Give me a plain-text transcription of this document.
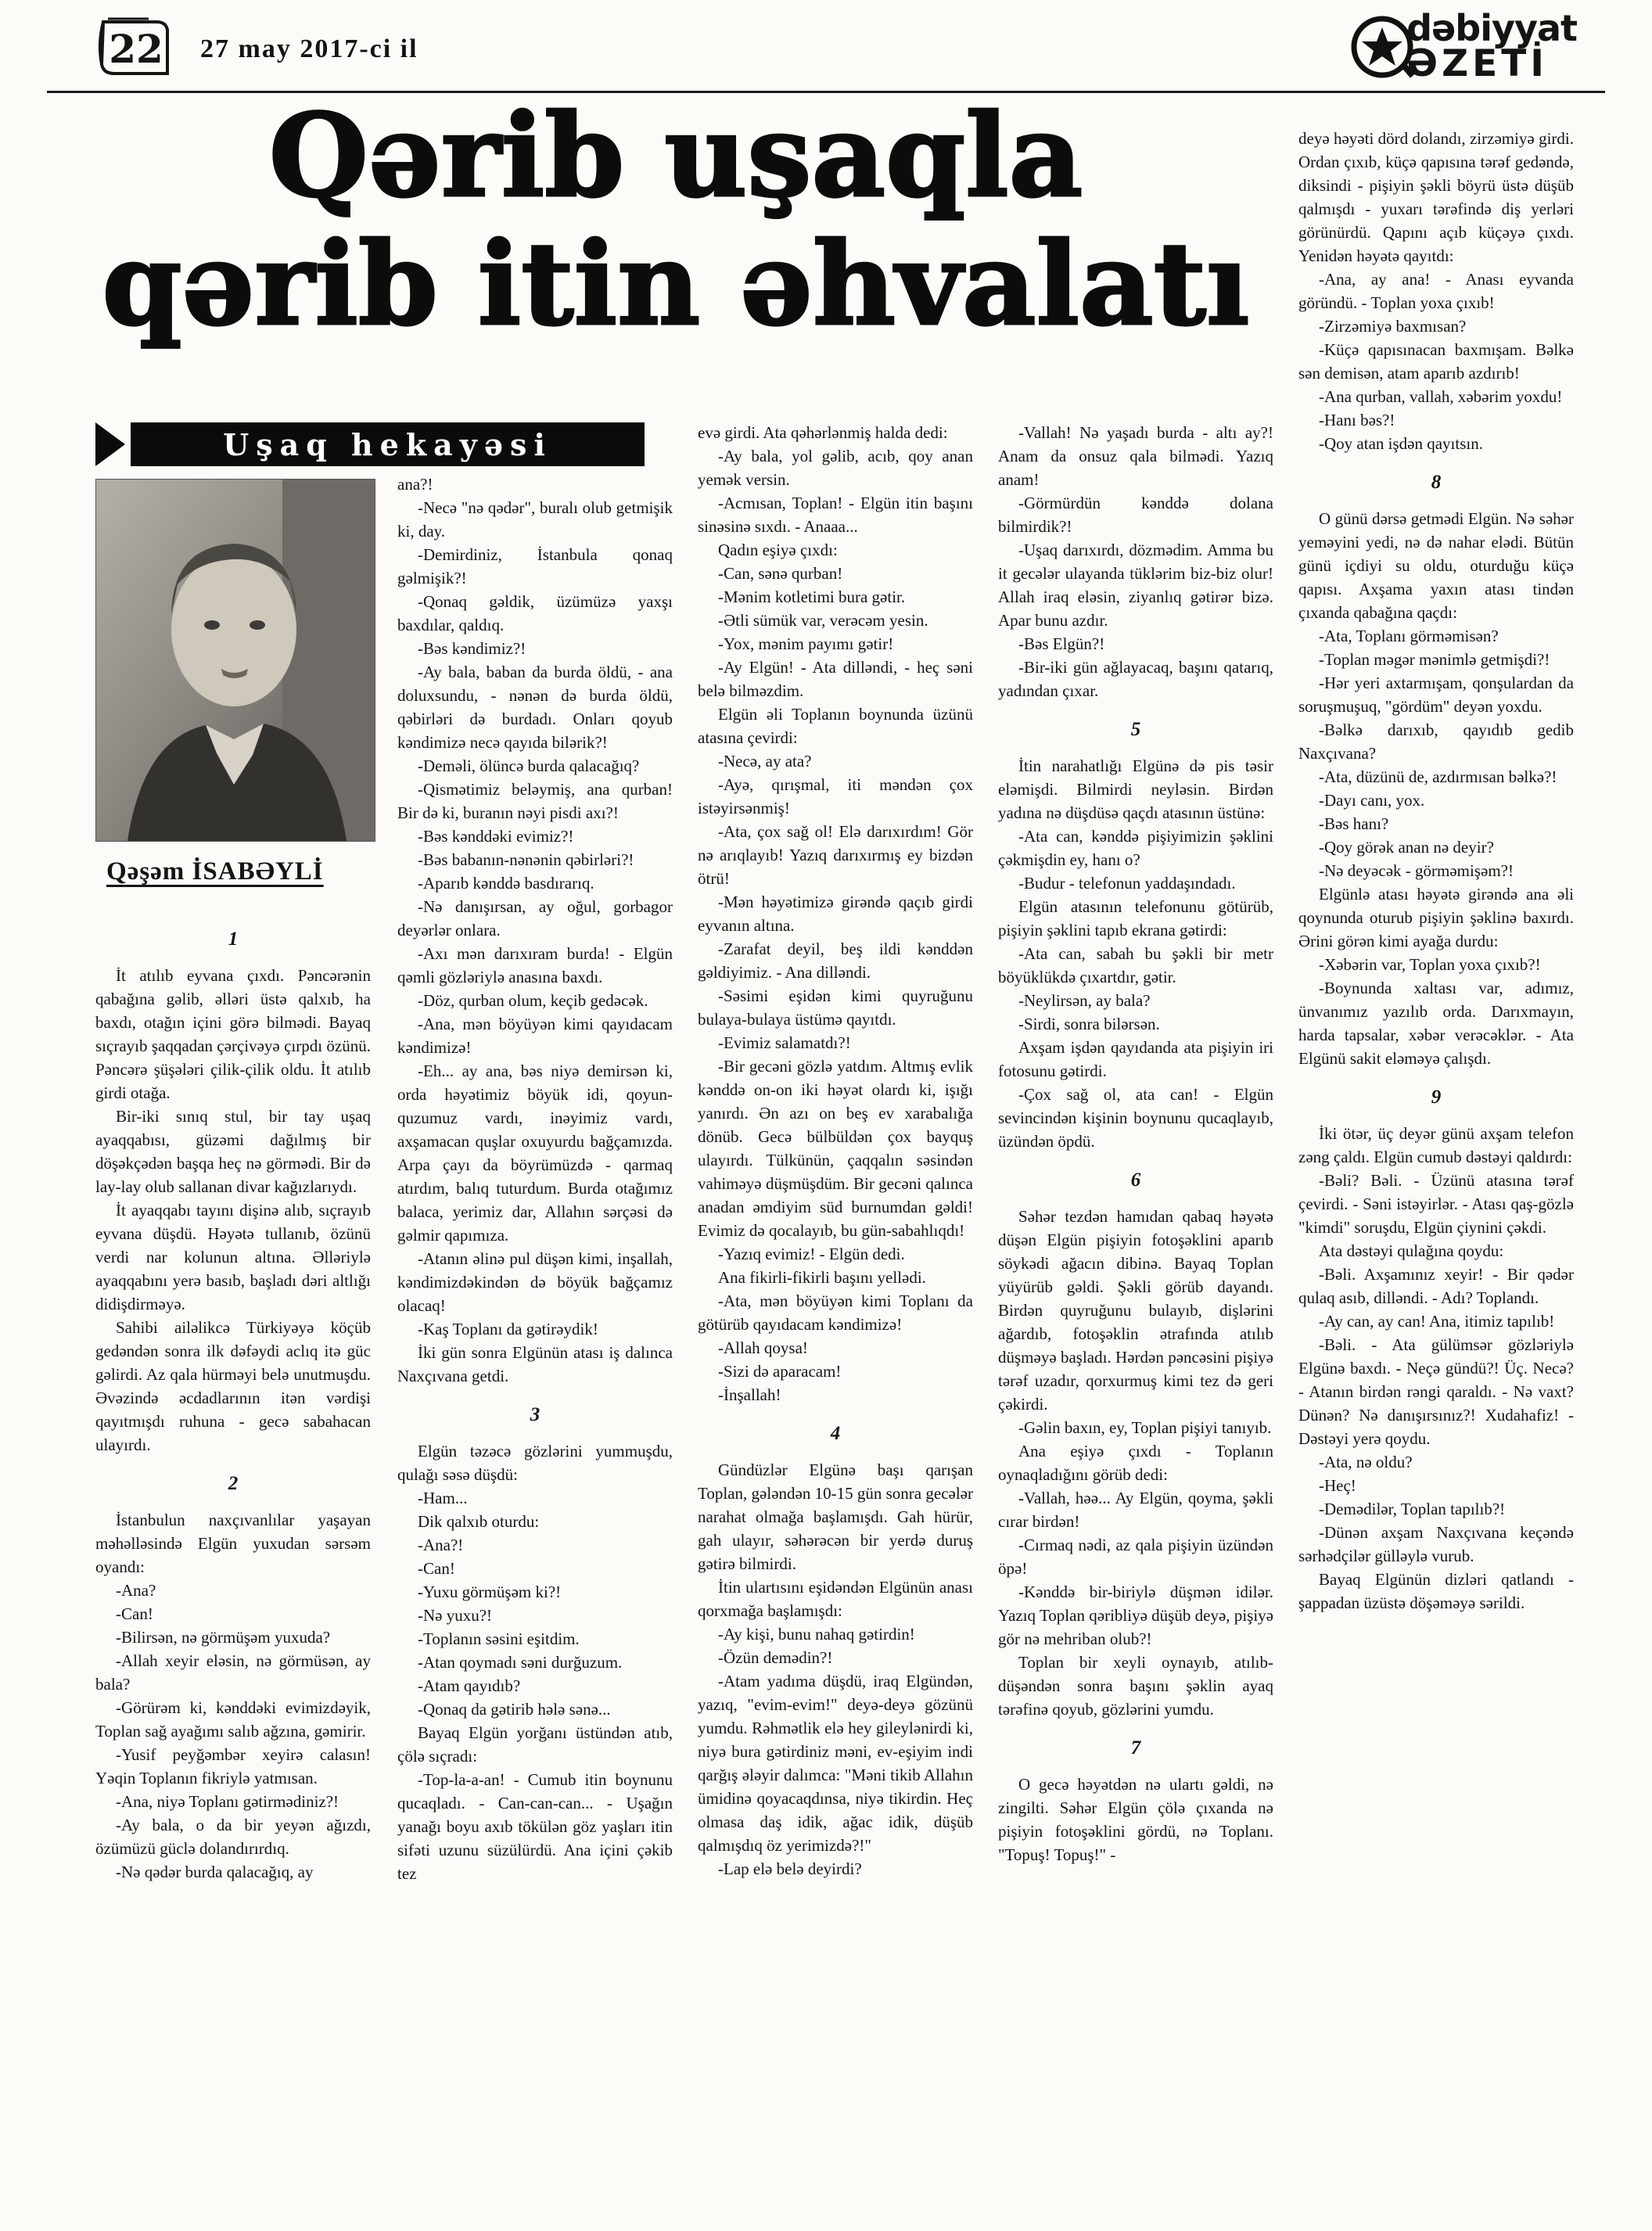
22	27 may 2017-ci il	dəbiyyat
ƏZETİ
Qərib uşaqla
qərib itin əhvalatı
Uşaq hekayəsi
Qəşəm İSABƏYLİ
1
İt atılıb eyvana çıxdı. Pəncərənin qabağına gəlib, əlləri üstə qalxıb, ha baxdı, otağın içini görə bilmədi. Bayaq sıçrayıb şaqqadan çərçivəyə çırpdı özünü. Pəncərə şüşələri çilik-çilik oldu. İt atılıb girdi otağa.
Bir-iki sınıq stul, bir tay uşaq ayaqqabısı, güzəmi dağılmış bir döşəkçədən başqa heç nə görmədi. Bir də lay-lay olub sallanan divar kağızlarıydı.
İt ayaqqabı tayını dişinə alıb, sıçrayıb eyvana düşdü. Həyətə tullanıb, özünü verdi nar kolunun altına. Əlləriylə ayaqqabını yerə basıb, başladı dəri altlığı didişdirməyə.
Sahibi ailəlikcə Türkiyəyə köçüb gedəndən sonra ilk dəfəydi aclıq itə güc gəlirdi. Az qala hürməyi belə unutmuşdu. Əvəzində əcdadlarının itən vərdişi qayıtmışdı ruhuna - gecə sabahacan ulayırdı.
2
İstanbulun naxçıvanlılar yaşayan məhəlləsində Elgün yuxudan sərsəm oyandı:
-Ana?
-Can!
-Bilirsən, nə görmüşəm yuxuda?
-Allah xeyir eləsin, nə görmüsən, ay bala?
-Görürəm ki, kənddəki evimizdəyik, Toplan sağ ayağımı salıb ağzına, gəmirir.
-Yusif peyğəmbər xeyirə calasın! Yəqin Toplanın fikriylə yatmısan.
-Ana, niyə Toplanı gətirmədiniz?!
-Ay bala, o da bir yeyən ağızdı, özümüzü güclə dolandırırdıq.
-Nə qədər burda qalacağıq, ay
ana?!
-Necə "nə qədər", buralı olub getmişik ki, day.
-Demirdiniz, İstanbula qonaq gəlmişik?!
-Qonaq gəldik, üzümüzə yaxşı baxdılar, qaldıq.
-Bəs kəndimiz?!
-Ay bala, baban da burda öldü, - ana doluxsundu, - nənən də burda öldü, qəbirləri də burdadı. Onları qoyub kəndimizə necə qayıda bilərik?!
-Deməli, ölüncə burda qalacağıq?
-Qismətimiz beləymiş, ana qurban! Bir də ki, buranın nəyi pisdi axı?!
-Bəs kənddəki evimiz?!
-Bəs babanın-nənənin qəbirləri?!
-Aparıb kənddə basdırarıq.
-Nə danışırsan, ay oğul, gorbagor deyərlər onlara.
-Axı mən darıxıram burda! - Elgün qəmli gözləriylə anasına baxdı.
-Döz, qurban olum, keçib gedəcək.
-Ana, mən böyüyən kimi qayıdacam kəndimizə!
-Eh... ay ana, bəs niyə demirsən ki, orda həyətimiz böyük idi, qoyun-quzumuz vardı, inəyimiz vardı, axşamacan quşlar oxuyurdu bağçamızda. Arpa çayı da böyrümüzdə - qarmaq atırdım, balıq tuturdum. Burda otağımız balaca, yerimiz dar, Allahın sərçəsi də gəlmir qapımıza.
-Atanın əlinə pul düşən kimi, inşallah, kəndimizdəkindən də böyük bağçamız olacaq!
-Kaş Toplanı da gətirəydik!
İki gün sonra Elgünün atası iş dalınca Naxçıvana getdi.
3
Elgün təzəcə gözlərini yummuşdu, qulağı səsə düşdü:
-Ham...
Dik qalxıb oturdu:
-Ana?!
-Can!
-Yuxu görmüşəm ki?!
-Nə yuxu?!
-Toplanın səsini eşitdim.
-Atan qoymadı səni durğuzum.
-Atam qayıdıb?
-Qonaq da gətirib hələ sənə...
Bayaq Elgün yorğanı üstündən atıb, çölə sıçradı:
-Top-la-a-an! - Cumub itin boynunu qucaqladı. - Can-can-can... - Uşağın yanağı boyu axıb tökülən göz yaşları itin sifəti uzunu süzülürdü. Ana içini çəkib tez
evə girdi. Ata qəhərlənmiş halda dedi:
-Ay bala, yol gəlib, acıb, qoy anan yemək versin.
-Acmısan, Toplan! - Elgün itin başını sinəsinə sıxdı. - Anaaa...
Qadın eşiyə çıxdı:
-Can, sənə qurban!
-Mənim kotletimi bura gətir.
-Ətli sümük var, verəcəm yesin.
-Yox, mənim payımı gətir!
-Ay Elgün! - Ata dilləndi, - heç səni belə bilməzdim.
Elgün əli Toplanın boynunda üzünü atasına çevirdi:
-Necə, ay ata?
-Ayə, qırışmal, iti məndən çox istəyirsənmiş!
-Ata, çox sağ ol! Elə darıxırdım! Gör nə arıqlayıb! Yazıq darıxırmış ey bizdən ötrü!
-Mən həyətimizə girəndə qaçıb girdi eyvanın altına.
-Zarafat deyil, beş ildi kənddən gəldiyimiz. - Ana dilləndi.
-Səsimi eşidən kimi quyruğunu bulaya-bulaya üstümə qayıtdı.
-Evimiz salamatdı?!
-Bir gecəni gözlə yatdım. Altmış evlik kənddə on-on iki həyət olardı ki, işığı yanırdı. Ən azı on beş ev xarabalığa dönüb. Gecə bülbüldən çox bayquş ulayırdı. Tülkünün, çaqqalın səsindən vahiməyə düşmüşdüm. Bir gecəni qalınca anadan əmdiyim süd burnumdan gəldi! Evimiz də qocalayıb, bu gün-sabahlıqdı!
-Yazıq evimiz! - Elgün dedi.
Ana fikirli-fikirli başını yellədi.
-Ata, mən böyüyən kimi Toplanı da götürüb qayıdacam kəndimizə!
-Allah qoysa!
-Sizi də aparacam!
-İnşallah!
4
Gündüzlər Elgünə başı qarışan Toplan, gələndən 10-15 gün sonra gecələr narahat olmağa başlamışdı. Gah hürür, gah ulayır, səhərəcən bir yerdə duruş gətirə bilmirdi.
İtin ulartısını eşidəndən Elgünün anası qorxmağa başlamışdı:
-Ay kişi, bunu nahaq gətirdin!
-Özün demədin?!
-Atam yadıma düşdü, iraq Elgündən, yazıq, "evim-evim!" deyə-deyə gözünü yumdu. Rəhmətlik elə hey gileylənirdi ki, niyə bura gətirdiniz məni, ev-eşiyim indi qarğış ələyir dalımca: "Məni tikib Allahın ümidinə qoyacaqdınsa, niyə tikirdin. Heç olmasa daş idik, ağac idik, düşüb qalmışdıq öz yerimizdə?!"
-Lap elə belə deyirdi?
-Vallah! Nə yaşadı burda - altı ay?! Anam da onsuz qala bilmədi. Yazıq anam!
-Görmürdün kənddə dolana bilmirdik?!
-Uşaq darıxırdı, dözmədim. Amma bu it gecələr ulayanda tüklərim biz-biz olur! Allah iraq eləsin, ziyanlıq gətirər bizə. Apar bunu azdır.
-Bəs Elgün?!
-Bir-iki gün ağlayacaq, başını qatarıq, yadından çıxar.
5
İtin narahatlığı Elgünə də pis təsir eləmişdi. Bilmirdi neyləsin. Birdən yadına nə düşdüsə qaçdı atasının üstünə:
-Ata can, kənddə pişiyimizin şəklini çəkmişdin ey, hanı o?
-Budur - telefonun yaddaşındadı.
Elgün atasının telefonunu götürüb, pişiyin şəklini tapıb ekrana gətirdi:
-Ata can, sabah bu şəkli bir metr böyüklükdə çıxartdır, gətir.
-Neylirsən, ay bala?
-Sirdi, sonra bilərsən.
Axşam işdən qayıdanda ata pişiyin iri fotosunu gətirdi.
-Çox sağ ol, ata can! - Elgün sevincindən kişinin boynunu qucaqlayıb, üzündən öpdü.
6
Səhər tezdən hamıdan qabaq həyətə düşən Elgün pişiyin fotoşəklini aparıb söykədi ağacın dibinə. Bayaq Toplan yüyürüb gəldi. Şəkli görüb dayandı. Birdən quyruğunu bulayıb, dişlərini ağardıb, fotoşəklin ətrafında atılıb düşməyə başladı. Hərdən pəncəsini pişiyə tərəf uzadır, qorxurmuş kimi tez də geri çəkirdi.
-Gəlin baxın, ey, Toplan pişiyi tanıyıb.
Ana eşiyə çıxdı - Toplanın oynaqladığını görüb dedi:
-Vallah, həə... Ay Elgün, qoyma, şəkli cırar birdən!
-Cırmaq nədi, az qala pişiyin üzündən öpə!
-Kənddə bir-biriylə düşmən idilər. Yazıq Toplan qəribliyə düşüb deyə, pişiyə gör nə mehriban olub?!
Toplan bir xeyli oynayıb, atılıb-düşəndən sonra başını şəklin ayaq tərəfinə qoyub, gözlərini yumdu.
7
O gecə həyətdən nə ulartı gəldi, nə zingilti. Səhər Elgün çölə çıxanda nə pişiyin fotoşəklini gördü, nə Toplanı. "Topuş! Topuş!" -
deyə həyəti dörd dolandı, zirzəmiyə girdi. Ordan çıxıb, küçə qapısına tərəf gedəndə, diksindi - pişiyin şəkli böyrü üstə düşüb qalmışdı - yuxarı tərəfində diş yerləri görünürdü. Qapını açıb küçəyə çıxdı. Yenidən həyətə qayıtdı:
-Ana, ay ana! - Anası eyvanda göründü. - Toplan yoxa çıxıb!
-Zirzəmiyə baxmısan?
-Küçə qapısınacan baxmışam. Bəlkə sən demisən, atam aparıb azdırıb!
-Ana qurban, vallah, xəbərim yoxdu!
-Hanı bəs?!
-Qoy atan işdən qayıtsın.
8
O günü dərsə getmədi Elgün. Nə səhər yeməyini yedi, nə də nahar elədi. Bütün günü içdiyi su oldu, oturduğu küçə qapısı. Axşama yaxın atası tindən çıxanda qabağına qaçdı:
-Ata, Toplanı görməmisən?
-Toplan məgər mənimlə getmişdi?!
-Hər yeri axtarmışam, qonşulardan da soruşmuşuq, "gördüm" deyən yoxdu.
-Bəlkə darıxıb, qayıdıb gedib Naxçıvana?
-Ata, düzünü de, azdırmısan bəlkə?!
-Dayı canı, yox.
-Bəs hanı?
-Qoy görək anan nə deyir?
-Nə deyəcək - görməmişəm?!
Elgünlə atası həyətə girəndə ana əli qoynunda oturub pişiyin şəklinə baxırdı. Ərini görən kimi ayağa durdu:
-Xəbərin var, Toplan yoxa çıxıb?!
-Boynunda xaltası var, adımız, ünvanımız yazılıb orda. Darıxmayın, harda tapsalar, xəbər verəcəklər. - Ata Elgünü sakit eləməyə çalışdı.
9
İki ötər, üç deyər günü axşam telefon zəng çaldı. Elgün cumub dəstəyi qaldırdı:
-Bəli? Bəli. - Üzünü atasına tərəf çevirdi. - Səni istəyirlər. - Atası qaş-gözlə "kimdi" soruşdu, Elgün çiynini çəkdi.
Ata dəstəyi qulağına qoydu:
-Bəli. Axşamınız xeyir! - Bir qədər qulaq asıb, dilləndi. - Adı? Toplandı.
-Ay can, ay can! Ana, itimiz tapılıb!
-Bəli. - Ata gülümsər gözləriylə Elgünə baxdı. - Neçə gündü?! Üç. Necə? - Atanın birdən rəngi qaraldı. - Nə vaxt? Dünən? Nə danışırsınız?! Xudahafiz! - Dəstəyi yerə qoydu.
-Ata, nə oldu?
-Heç!
-Demədilər, Toplan tapılıb?!
-Dünən axşam Naxçıvana keçəndə sərhədçilər gülləylə vurub.
Bayaq Elgünün dizləri qatlandı - şappadan üzüstə döşəməyə sərildi.
